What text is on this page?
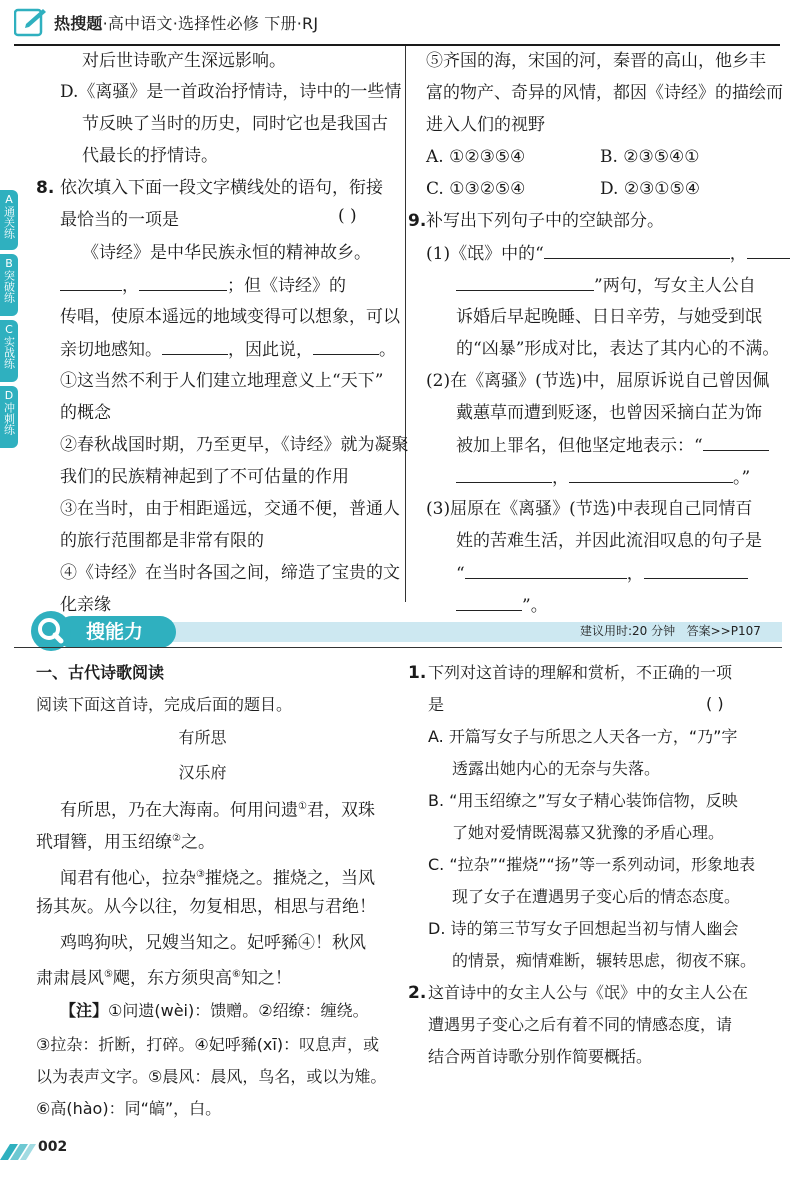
热搜题·高中语文·选择性必修 下册·RJ
A
通关练
B
突破练
C
实战练
D
冲刺练
对后世诗歌产生深远影响。
D.《离骚》是一首政治抒情诗，诗中的一些情
节反映了当时的历史，同时它也是我国古
代最长的抒情诗。
8. 依次填入下面一段文字横线处的语句，衔接
最恰当的一项是	( )
《诗经》是中华民族永恒的精神故乡。
，	；但《诗经》的
传唱，使原本遥远的地域变得可以想象，可以
亲切地感知。	，因此说，	。
①这当然不利于人们建立地理意义上“天下”
的概念
②春秋战国时期，乃至更早，《诗经》就为凝聚
我们的民族精神起到了不可估量的作用
③在当时，由于相距遥远，交通不便，普通人
的旅行范围都是非常有限的
④《诗经》在当时各国之间，缔造了宝贵的文
化亲缘
⑤齐国的海，宋国的河，秦晋的高山，他乡丰
富的物产、奇异的风情，都因《诗经》的描绘而
进入人们的视野
A. ①②③⑤④	B. ②③⑤④①
C. ①③②⑤④	D. ②③①⑤④
9. 补写出下列句子中的空缺部分。
(1)《氓》中的“	，
”两句，写女主人公自
诉婚后早起晚睡、日日辛劳，与她受到氓
的“凶暴”形成对比，表达了其内心的不满。
(2)在《离骚》(节选)中，屈原诉说自己曾因佩
戴蕙草而遭到贬逐，也曾因采摘白芷为饰
被加上罪名，但他坚定地表示：“
，	。”
(3)屈原在《离骚》(节选)中表现自己同情百
姓的苦难生活，并因此流泪叹息的句子是
“	，
”。
搜能力	建议用时:20 分钟 答案>>P107
一、古代诗歌阅读
阅读下面这首诗，完成后面的题目。
有所思
汉乐府
有所思，乃在大海南。何用问遗①君，双珠
玳瑁簪，用玉绍缭②之。
闻君有他心，拉杂③摧烧之。摧烧之，当风
扬其灰。从今以往，勿复相思，相思与君绝！
鸡鸣狗吠，兄嫂当知之。妃呼豨④！秋风
肃肃晨风⑤飔，东方须臾高⑥知之！
【注】①问遗(wèi)：馈赠。②绍缭：缠绕。
③拉杂：折断，打碎。④妃呼豨(xī)：叹息声，或
以为表声文字。⑤晨风：晨风，鸟名，或以为雉。
⑥高(hào)：同“皜”，白。
1. 下列对这首诗的理解和赏析，不正确的一项
是	( )
A. 开篇写女子与所思之人天各一方，“乃”字
透露出她内心的无奈与失落。
B. “用玉绍缭之”写女子精心装饰信物，反映
了她对爱情既渴慕又犹豫的矛盾心理。
C. “拉杂”“摧烧”“扬”等一系列动词，形象地表
现了女子在遭遇男子变心后的情态态度。
D. 诗的第三节写女子回想起当初与情人幽会
的情景，痴情难断，辗转思虑，彻夜不寐。
2. 这首诗中的女主人公与《氓》中的女主人公在
遭遇男子变心之后有着不同的情感态度，请
结合两首诗歌分别作简要概括。
002
